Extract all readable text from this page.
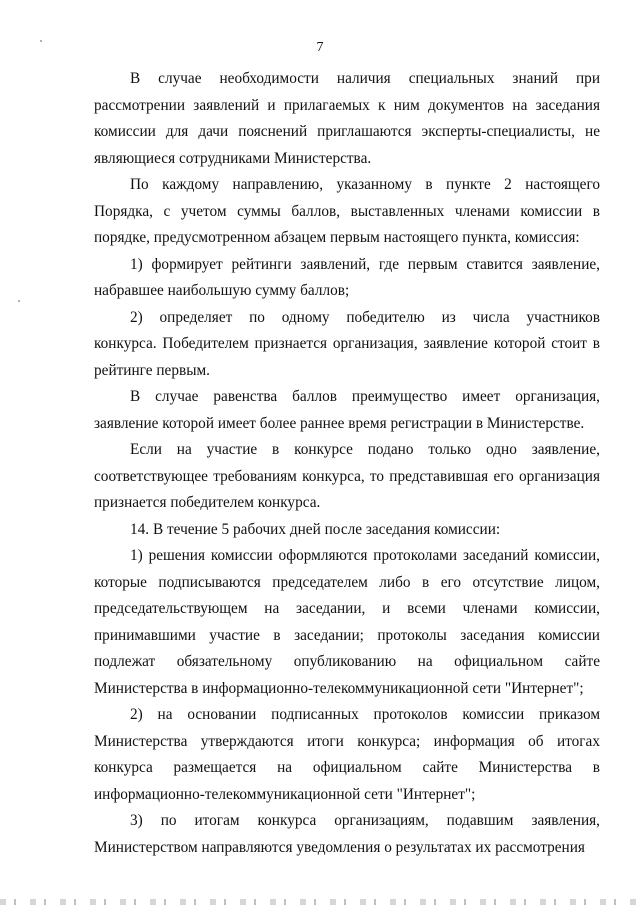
7
В случае необходимости наличия специальных знаний при
рассмотрении заявлений и прилагаемых к ним документов на заседания
комиссии для дачи пояснений приглашаются эксперты-специалисты, не
являющиеся сотрудниками Министерства.
По каждому направлению, указанному в пункте 2 настоящего
Порядка, с учетом суммы баллов, выставленных членами комиссии в
порядке, предусмотренном абзацем первым настоящего пункта, комиссия:
1) формирует рейтинги заявлений, где первым ставится заявление,
набравшее наибольшую сумму баллов;
2) определяет по одному победителю из числа участников
конкурса. Победителем признается организация, заявление которой стоит в
рейтинге первым.
В случае равенства баллов преимущество имеет организация,
заявление которой имеет более раннее время регистрации в Министерстве.
Если на участие в конкурсе подано только одно заявление,
соответствующее требованиям конкурса, то представившая его организация
признается победителем конкурса.
14. В течение 5 рабочих дней после заседания комиссии:
1) решения комиссии оформляются протоколами заседаний комиссии,
которые подписываются председателем либо в его отсутствие лицом,
председательствующем на заседании, и всеми членами комиссии,
принимавшими участие в заседании; протоколы заседания комиссии
подлежат обязательному опубликованию на официальном сайте
Министерства в информационно-телекоммуникационной сети "Интернет";
2) на основании подписанных протоколов комиссии приказом
Министерства утверждаются итоги конкурса; информация об итогах
конкурса размещается на официальном сайте Министерства в
информационно-телекоммуникационной сети "Интернет";
3) по итогам конкурса организациям, подавшим заявления,
Министерством направляются уведомления о результатах их рассмотрения
